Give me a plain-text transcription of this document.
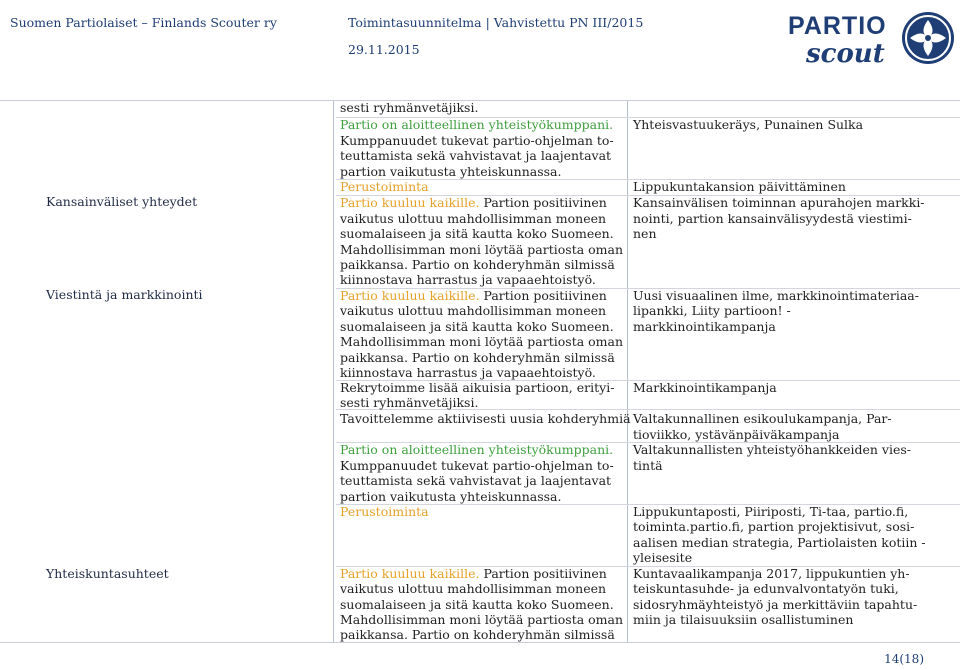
Suomen Partiolaiset – Finlands Scouter ry	Toimintasuunnitelma | Vahvistettu PN III/2015
29.11.2015
PARTIO
scout
Kansainväliset yhteydet
Viestintä ja markkinointi
Yhteiskuntasuhteet
sesti ryhmänvetäjiksi.
Partio on aloitteellinen yhteistyökumppani.
Kumppanuudet tukevat partio-ohjelman to-
teuttamista sekä vahvistavat ja laajentavat
partion vaikutusta yhteiskunnassa.
Perustoiminta
Partio kuuluu kaikille. Partion positiivinen
vaikutus ulottuu mahdollisimman moneen
suomalaiseen ja sitä kautta koko Suomeen.
Mahdollisimman moni löytää partiosta oman
paikkansa. Partio on kohderyhmän silmissä
kiinnostava harrastus ja vapaaehtoistyö.
Partio kuuluu kaikille. Partion positiivinen
vaikutus ulottuu mahdollisimman moneen
suomalaiseen ja sitä kautta koko Suomeen.
Mahdollisimman moni löytää partiosta oman
paikkansa. Partio on kohderyhmän silmissä
kiinnostava harrastus ja vapaaehtoistyö.
Rekrytoimme lisää aikuisia partioon, erityi-
sesti ryhmänvetäjiksi.
Tavoittelemme aktiivisesti uusia kohderyhmiä
Partio on aloitteellinen yhteistyökumppani.
Kumppanuudet tukevat partio-ohjelman to-
teuttamista sekä vahvistavat ja laajentavat
partion vaikutusta yhteiskunnassa.
Perustoiminta
Partio kuuluu kaikille. Partion positiivinen
vaikutus ulottuu mahdollisimman moneen
suomalaiseen ja sitä kautta koko Suomeen.
Mahdollisimman moni löytää partiosta oman
paikkansa. Partio on kohderyhmän silmissä
Yhteisvastuukeräys, Punainen Sulka
Lippukuntakansion päivittäminen
Kansainvälisen toiminnan apurahojen markki-
nointi, partion kansainvälisyydestä viestimi-
nen
Uusi visuaalinen ilme, markkinointimateriaa-
lipankki, Liity partioon! -
markkinointikampanja
Markkinointikampanja
Valtakunnallinen esikoulukampanja, Par-
tioviikko, ystävänpäiväkampanja
Valtakunnallisten yhteistyöhankkeiden vies-
tintä
Lippukuntaposti, Piiriposti, Ti-taa, partio.fi,
toiminta.partio.fi, partion projektisivut, sosi-
aalisen median strategia, Partiolaisten kotiin -
yleisesite
Kuntavaalikampanja 2017, lippukuntien yh-
teiskuntasuhde- ja edunvalvontatyön tuki,
sidosryhmäyhteistyö ja merkittäviin tapahtu-
miin ja tilaisuuksiin osallistuminen
14(18)
